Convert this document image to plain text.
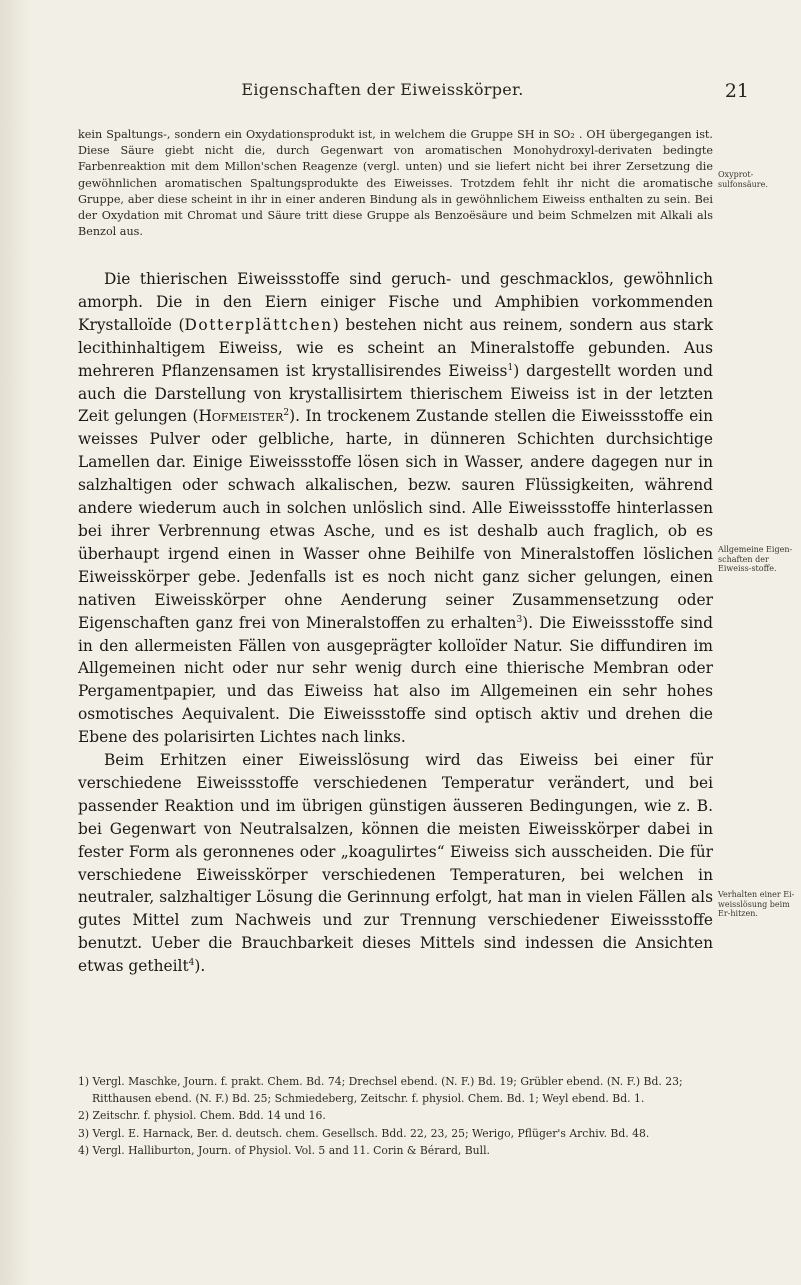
Eigenschaften der Eiweisskörper.	21
kein Spaltungs-, sondern ein Oxydationsprodukt ist, in welchem die Gruppe SH in SO₂ . OH übergegangen ist. Diese Säure giebt nicht die, durch Gegenwart von aromatischen Monohydroxyl-derivaten bedingte Farbenreaktion mit dem Millon'schen Reagenze (vergl. unten) und sie liefert nicht bei ihrer Zersetzung die gewöhnlichen aromatischen Spaltungsprodukte des Eiweisses. Trotzdem fehlt ihr nicht die aromatische Gruppe, aber diese scheint in ihr in einer anderen Bindung als in gewöhnlichem Eiweiss enthalten zu sein. Bei der Oxydation mit Chromat und Säure tritt diese Gruppe als Benzoësäure und beim Schmelzen mit Alkali als Benzol aus.
Oxyprot-sulfonsäure.
Allgemeine Eigen-schaften der Eiweiss-stoffe.
Verhalten einer Ei-weisslösung beim Er-hitzen.

Die thierischen Eiweissstoffe sind geruch- und geschmacklos, gewöhnlich amorph. Die in den Eiern einiger Fische und Amphibien vorkommenden Krystalloïde (Dotterplättchen) bestehen nicht aus reinem, sondern aus stark lecithinhaltigem Eiweiss, wie es scheint an Mineralstoffe gebunden. Aus mehreren Pflanzensamen ist krystallisirendes Eiweiss$^1$) dargestellt worden und auch die Darstellung von krystallisirtem thierischem Eiweiss ist in der letzten Zeit gelungen (Hofmeister$^2$). In trockenem Zustande stellen die Eiweissstoffe ein weisses Pulver oder gelbliche, harte, in dünneren Schichten durchsichtige Lamellen dar. Einige Eiweissstoffe lösen sich in Wasser, andere dagegen nur in salzhaltigen oder schwach alkalischen, bezw. sauren Flüssigkeiten, während andere wiederum auch in solchen unlöslich sind. Alle Eiweissstoffe hinterlassen bei ihrer Verbrennung etwas Asche, und es ist deshalb auch fraglich, ob es überhaupt irgend einen in Wasser ohne Beihilfe von Mineralstoffen löslichen Eiweisskörper gebe. Jedenfalls ist es noch nicht ganz sicher gelungen, einen nativen Eiweisskörper ohne Aenderung seiner Zusammensetzung oder Eigenschaften ganz frei von Mineralstoffen zu erhalten$^3$). Die Eiweissstoffe sind in den allermeisten Fällen von ausgeprägter kolloïder Natur. Sie diffundiren im Allgemeinen nicht oder nur sehr wenig durch eine thierische Membran oder Pergamentpapier, und das Eiweiss hat also im Allgemeinen ein sehr hohes osmotisches Aequivalent. Die Eiweissstoffe sind optisch aktiv und drehen die Ebene des polarisirten Lichtes nach links.

Beim Erhitzen einer Eiweisslösung wird das Eiweiss bei einer für verschiedene Eiweissstoffe verschiedenen Temperatur verändert, und bei passender Reaktion und im übrigen günstigen äusseren Bedingungen, wie z. B. bei Gegenwart von Neutralsalzen, können die meisten Eiweisskörper dabei in fester Form als geronnenes oder „koagulirtes“ Eiweiss sich ausscheiden. Die für verschiedene Eiweisskörper verschiedenen Temperaturen, bei welchen in neutraler, salzhaltiger Lösung die Gerinnung erfolgt, hat man in vielen Fällen als gutes Mittel zum Nachweis und zur Trennung verschiedener Eiweissstoffe benutzt. Ueber die Brauchbarkeit dieses Mittels sind indessen die Ansichten etwas getheilt$^4$).

1) Vergl. Maschke, Journ. f. prakt. Chem. Bd. 74; Drechsel ebend. (N. F.) Bd. 19; Grübler ebend. (N. F.) Bd. 23; Ritthausen ebend. (N. F.) Bd. 25; Schmiedeberg, Zeitschr. f. physiol. Chem. Bd. 1; Weyl ebend. Bd. 1.

2) Zeitschr. f. physiol. Chem. Bdd. 14 und 16.

3) Vergl. E. Harnack, Ber. d. deutsch. chem. Gesellsch. Bdd. 22, 23, 25; Werigo, Pflüger's Archiv. Bd. 48.

4) Vergl. Halliburton, Journ. of Physiol. Vol. 5 and 11. Corin & Bérard, Bull.
